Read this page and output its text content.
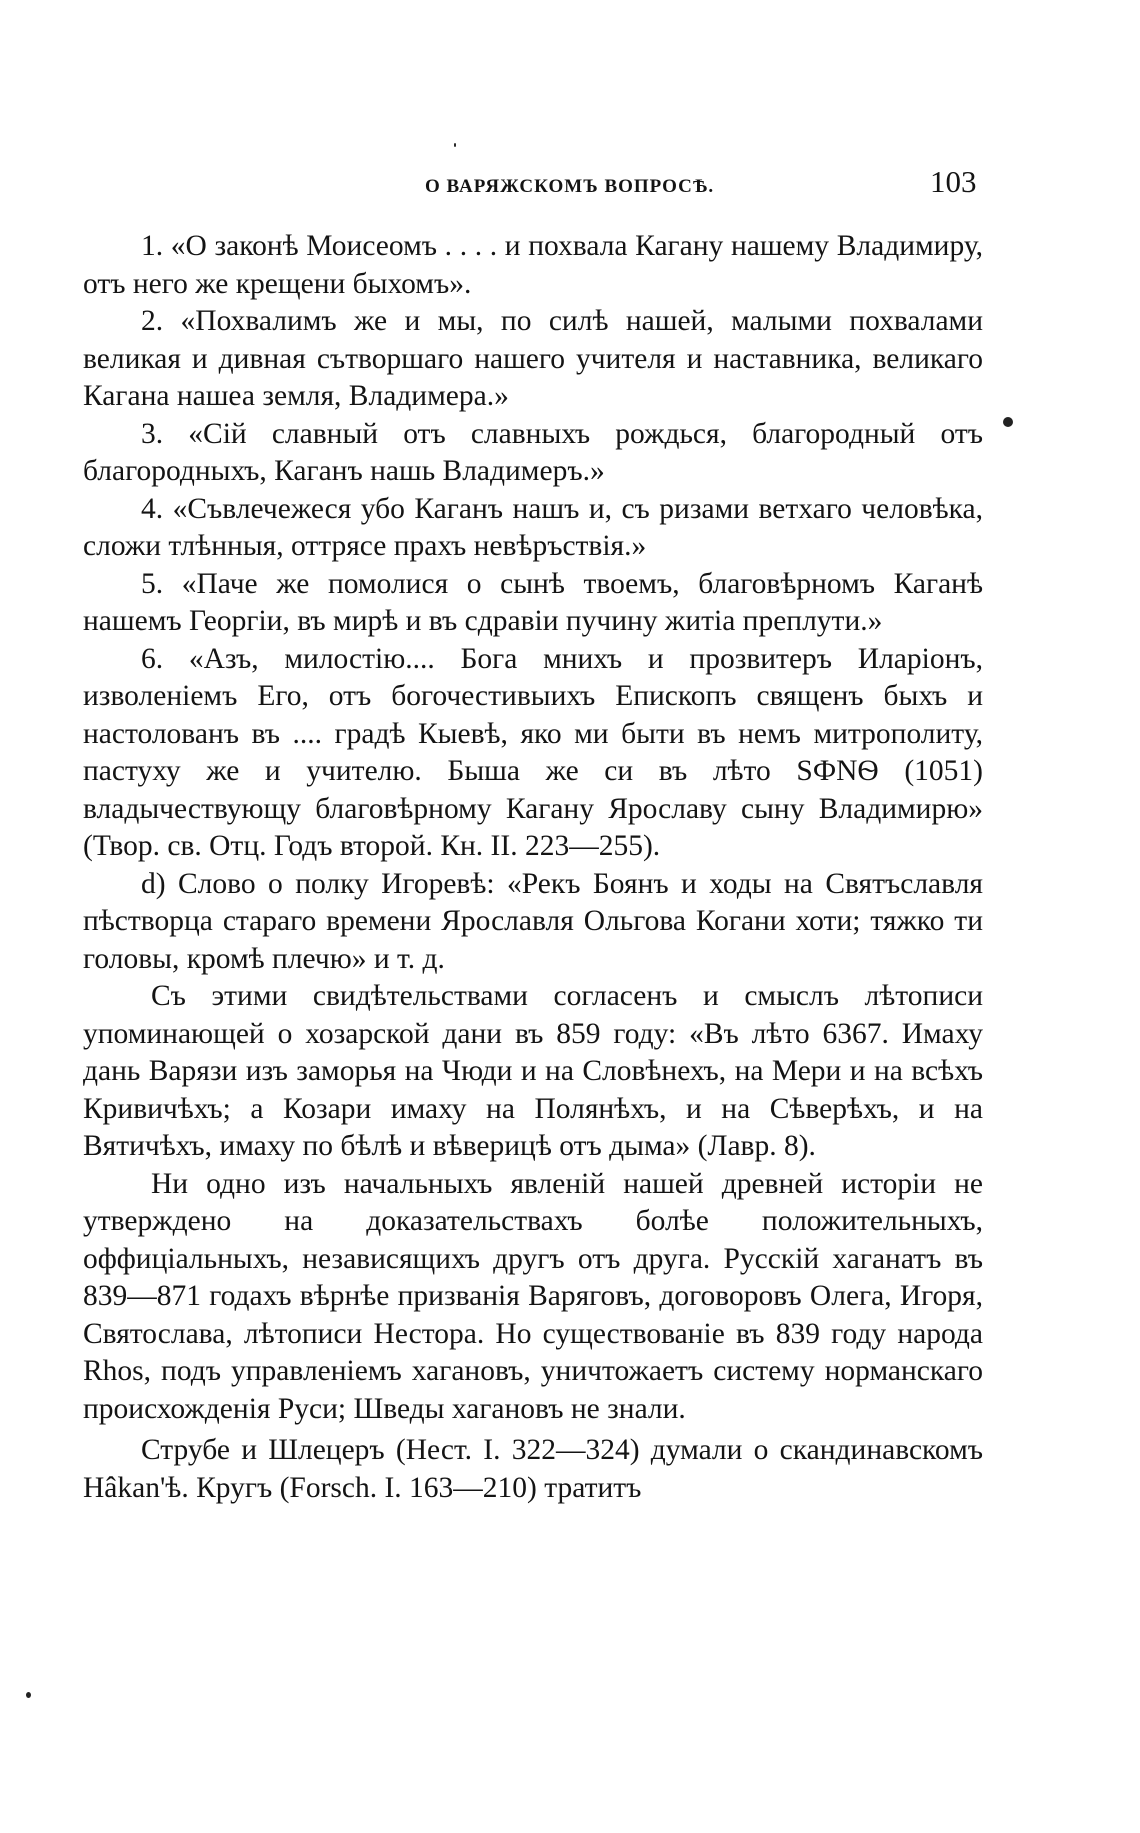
О ВАРЯЖСКОМЪ ВОПРОСѢ.	103

1. «О законѣ Моисеомъ . . . . и похвала Кагану нашему Владимиру, отъ него же крещени быхомъ».

2. «Похвалимъ же и мы, по силѣ нашей, малыми похвалами великая и дивная сътворшаго нашего учителя и наставника, великаго Кагана нашеа земля, Владимера.»

3. «Сій славный отъ славныхъ рождься, благородный отъ благородныхъ, Каганъ нашь Владимеръ.»

4. «Съвлечежеся убо Каганъ нашъ и, съ ризами ветхаго человѣка, сложи тлѣнныя, оттрясе прахъ невѣръствія.»

5. «Паче же помолися о сынѣ твоемъ, благовѣрномъ Каганѣ нашемъ Георгіи, въ мирѣ и въ сдравіи пучину житіа преплути.»

6. «Азъ, милостію.... Бога мнихъ и прозвитеръ Иларіонъ, изволеніемъ Его, отъ богочестивыихъ Епископъ священъ быхъ и настолованъ въ .... градѣ Кыевѣ, яко ми быти въ немъ митрополиту, пастуху же и учителю. Быша же си въ лѣто SФNѲ (1051) владычествующу благовѣрному Кагану Ярославу сыну Владимирю» (Твор. св. Отц. Годъ второй. Кн. II. 223—255).

d) Слово о полку Игоревѣ: «Рекъ Боянъ и ходы на Святъславля пѣстворца стараго времени Ярославля Ольгова Когани хоти; тяжко ти головы, кромѣ плечю» и т. д.

Съ этими свидѣтельствами согласенъ и смыслъ лѣтописи упоминающей о хозарской дани въ 859 году: «Въ лѣто 6367. Имаху дань Варязи изъ заморья на Чюди и на Словѣнехъ, на Мери и на всѣхъ Кривичѣхъ; а Козари имаху на Полянѣхъ, и на Сѣверѣхъ, и на Вятичѣхъ, имаху по бѣлѣ и вѣверицѣ отъ дыма» (Лавр. 8).

Ни одно изъ начальныхъ явленій нашей древней исторіи не утверждено на доказательствахъ болѣе положительныхъ, оффиціальныхъ, независящихъ другъ отъ друга. Русскій хаганатъ въ 839—871 годахъ вѣрнѣе призванія Варяговъ, договоровъ Олега, Игоря, Святослава, лѣтописи Нестора. Но существованіе въ 839 году народа Rhos, подъ управленіемъ хагановъ, уничтожаетъ систему норманскаго происхожденія Руси; Шведы хагановъ не знали.

Струбе и Шлецеръ (Нест. I. 322—324) думали о скандинавскомъ Hâkan'ѣ. Кругъ (Forsch. I. 163—210) тратитъ
